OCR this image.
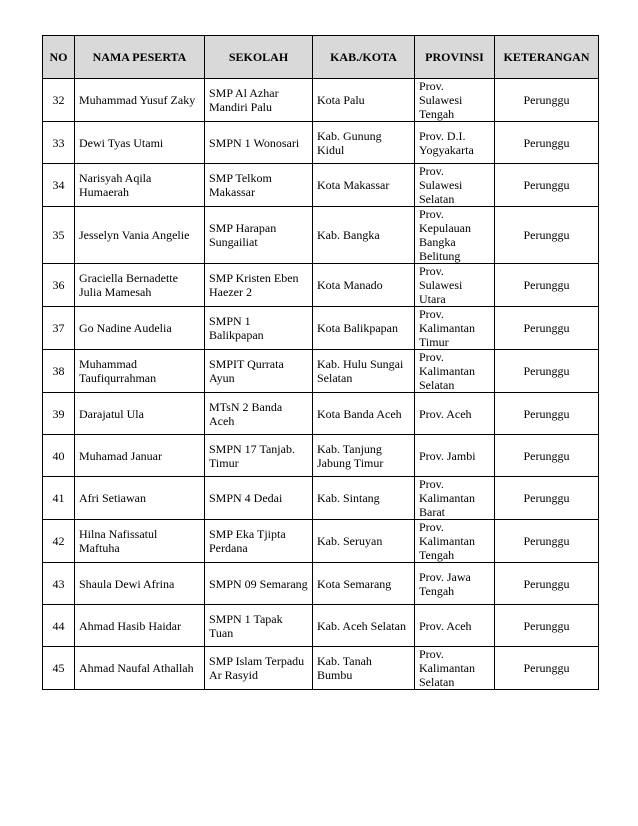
NO	NAMA PESERTA	SEKOLAH	KAB./KOTA	PROVINSI	KETERANGAN
32	Muhammad Yusuf Zaky	SMP Al Azhar Mandiri Palu	Kota Palu	Prov. Sulawesi Tengah	Perunggu
33	Dewi Tyas Utami	SMPN 1 Wonosari	Kab. Gunung Kidul	Prov. D.I. Yogyakarta	Perunggu
34	Narisyah Aqila Humaerah	SMP Telkom Makassar	Kota Makassar	Prov. Sulawesi Selatan	Perunggu
35	Jesselyn Vania Angelie	SMP Harapan Sungailiat	Kab. Bangka	Prov. Kepulauan Bangka Belitung	Perunggu
36	Graciella Bernadette Julia Mamesah	SMP Kristen Eben Haezer 2	Kota Manado	Prov. Sulawesi Utara	Perunggu
37	Go Nadine Audelia	SMPN 1 Balikpapan	Kota Balikpapan	Prov. Kalimantan Timur	Perunggu
38	Muhammad Taufiqurrahman	SMPIT Qurrata Ayun	Kab. Hulu Sungai Selatan	Prov. Kalimantan Selatan	Perunggu
39	Darajatul Ula	MTsN 2 Banda Aceh	Kota Banda Aceh	Prov. Aceh	Perunggu
40	Muhamad Januar	SMPN 17 Tanjab. Timur	Kab. Tanjung Jabung Timur	Prov. Jambi	Perunggu
41	Afri Setiawan	SMPN 4 Dedai	Kab. Sintang	Prov. Kalimantan Barat	Perunggu
42	Hilna Nafissatul Maftuha	SMP Eka Tjipta Perdana	Kab. Seruyan	Prov. Kalimantan Tengah	Perunggu
43	Shaula Dewi Afrina	SMPN 09 Semarang	Kota Semarang	Prov. Jawa Tengah	Perunggu
44	Ahmad Hasib Haidar	SMPN 1 Tapak Tuan	Kab. Aceh Selatan	Prov. Aceh	Perunggu
45	Ahmad Naufal Athallah	SMP Islam Terpadu Ar Rasyid	Kab. Tanah Bumbu	Prov. Kalimantan Selatan	Perunggu
